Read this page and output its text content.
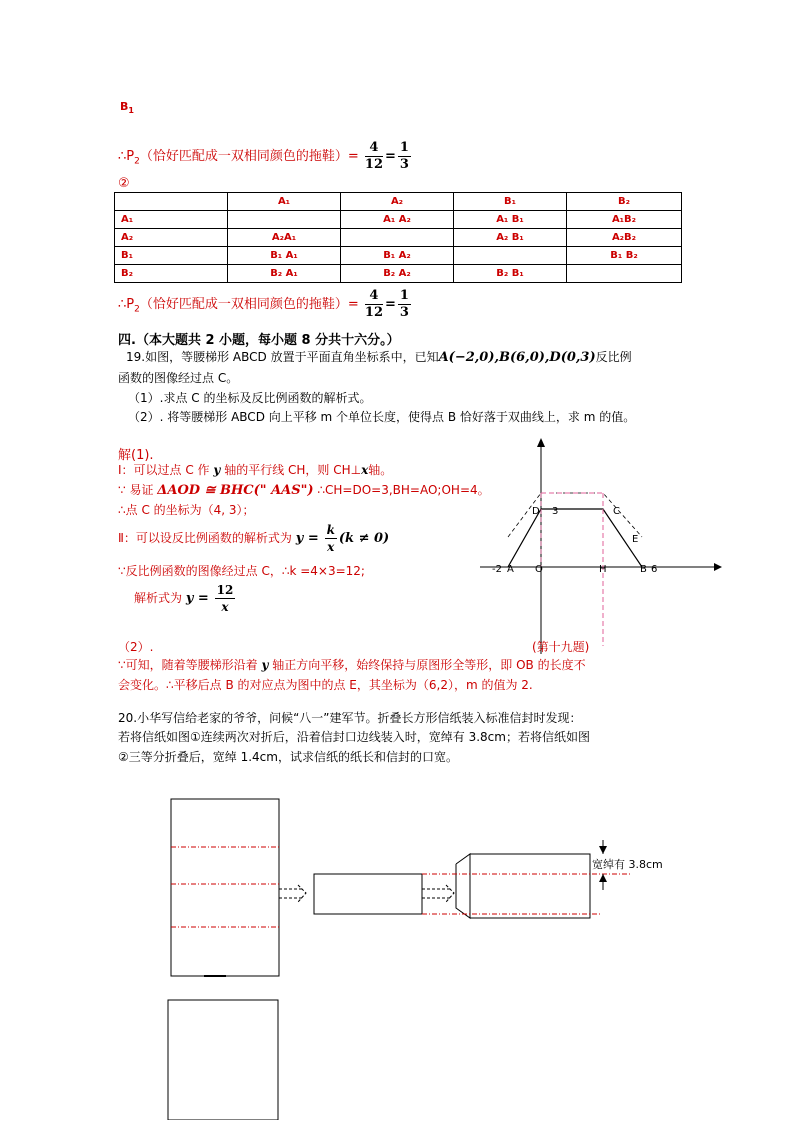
$B_1$
$\therefore P_2$（恰好匹配成一双相同颜色的拖鞋）= $\frac{4}{12} = \frac{1}{3}$
②
	A₁	A₂	B₁	B₂
A₁		A₁ A₂	A₁ B₁	A₁B₂
A₂	A₂A₁		A₂ B₁	A₂B₂
B₁	B₁ A₁	B₁ A₂		B₁ B₂
B₂	B₂ A₁	B₂ A₂	B₂ B₁	
$\therefore P_2$（恰好匹配成一双相同颜色的拖鞋）= $\frac{4}{12} = \frac{1}{3}$
四.（本大题共 2 小题，每小题 8 分共十六分。）
19.如图，等腰梯形 ABCD 放置于平面直角坐标系中，已知A(−2,0),B(6,0),D(0,3)反比例
函数的图像经过点 C。
（1）.求点 C 的坐标及反比例函数的解析式。
（2）. 将等腰梯形 ABCD 向上平移 m 个单位长度，使得点 B 恰好落于双曲线上，求 m 的值。
解(1).
Ⅰ：可以过点 C 作 y 轴的平行线 CH，则 CH⊥x轴。
∵ 易证 ΔAOD ≅ BHC(" AAS") ∴CH=DO=3,BH=AO;OH=4。
∴点 C 的坐标为（4, 3）；
Ⅱ：可以设反比例函数的解析式为 $y = \frac{k}{x} (k \ne 0)$
∵反比例函数的图像经过点 C，∴k =4×3=12;
解析式为 $y = \frac{12}{x}$
（2）.
∵可知，随着等腰梯形沿着 y 轴正方向平移，始终保持与原图形全等形，即 OB 的长度不
会变化。∴平移后点 B 的对应点为图中的点 E，其坐标为（6,2），m 的值为 2.
D 3	C
E
-2 A O	H	B 6
(第十九题)
20.小华写信给老家的爷爷，问候“八一”建军节。折叠长方形信纸装入标准信封时发现：
若将信纸如图①连续两次对折后，沿着信封口边线装入时，宽绰有 3.8cm；若将信纸如图
②三等分折叠后，宽绰 1.4cm，试求信纸的纸长和信封的口宽。
宽绰有 3.8cm
